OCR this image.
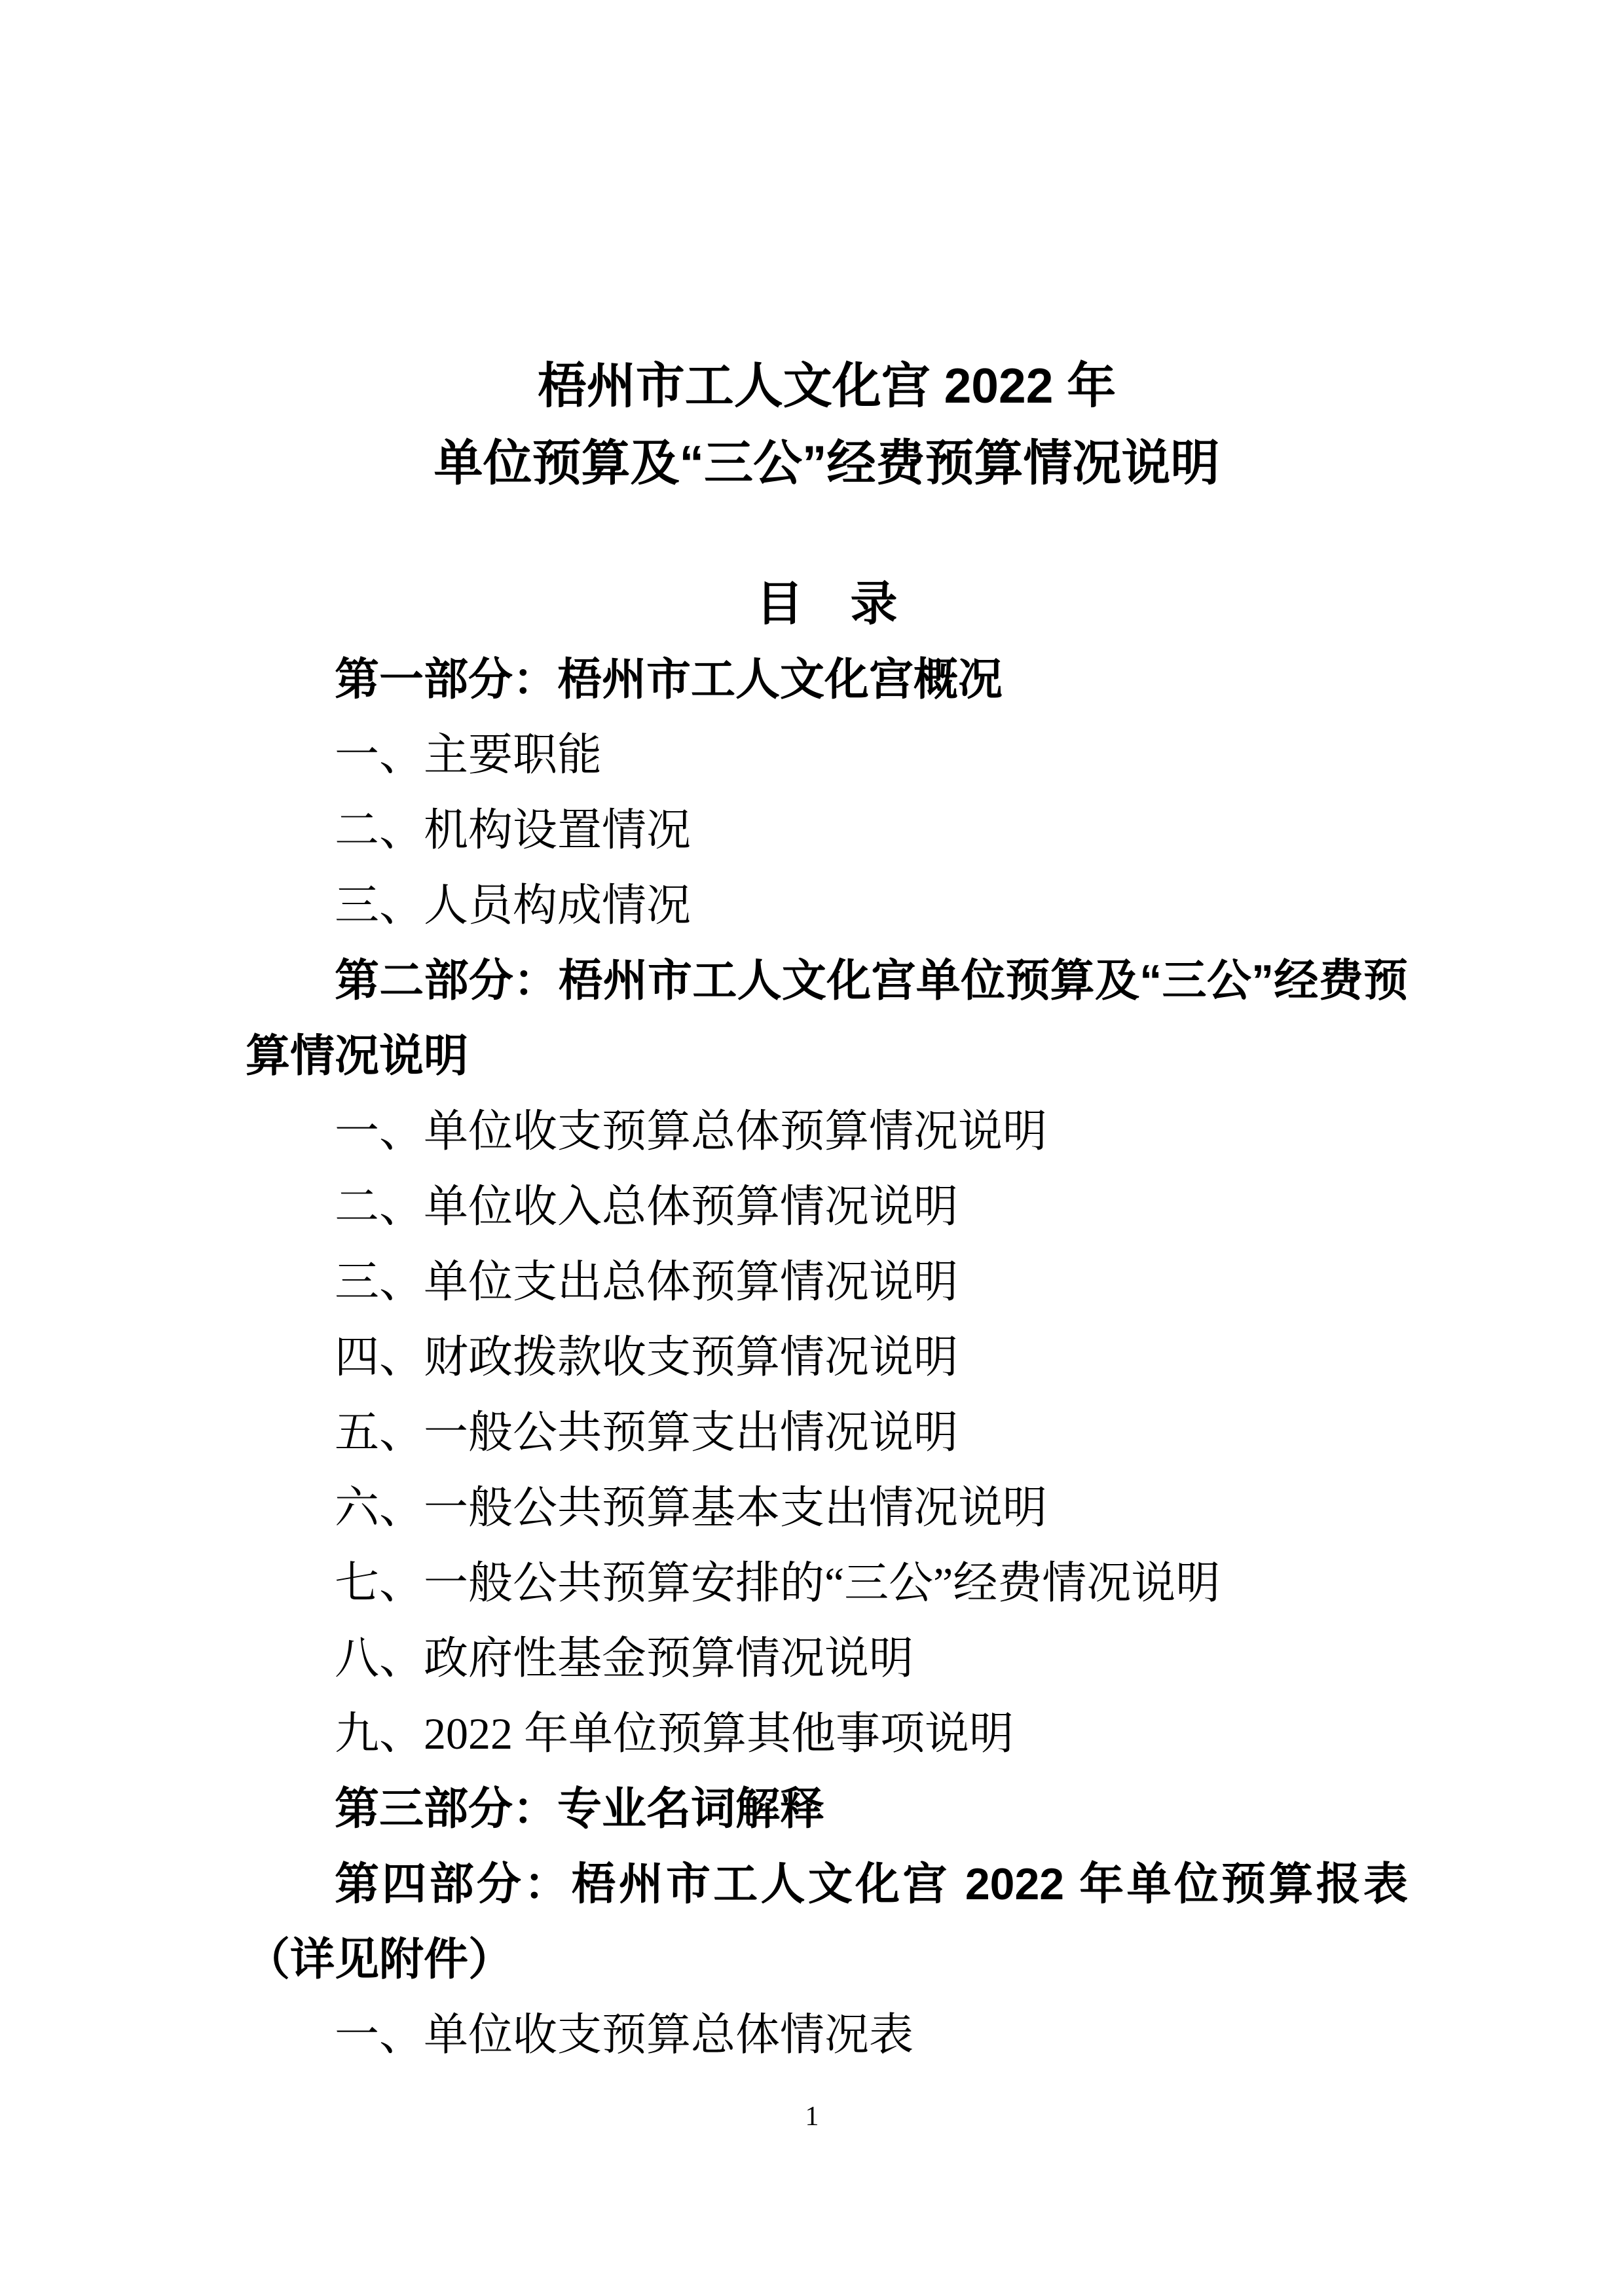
梧州市工人文化宫 2022 年
单位预算及“三公”经费预算情况说明
目　录
第一部分：梧州市工人文化宫概况
一、主要职能
二、机构设置情况
三、人员构成情况
第二部分：梧州市工人文化宫单位预算及“三公”经费预算情况说明
一、单位收支预算总体预算情况说明
二、单位收入总体预算情况说明
三、单位支出总体预算情况说明
四、财政拨款收支预算情况说明
五、一般公共预算支出情况说明
六、一般公共预算基本支出情况说明
七、一般公共预算安排的“三公”经费情况说明
八、政府性基金预算情况说明
九、2022 年单位预算其他事项说明
第三部分：专业名词解释
第四部分：梧州市工人文化宫 2022 年单位预算报表（详见附件）
一、单位收支预算总体情况表
1
